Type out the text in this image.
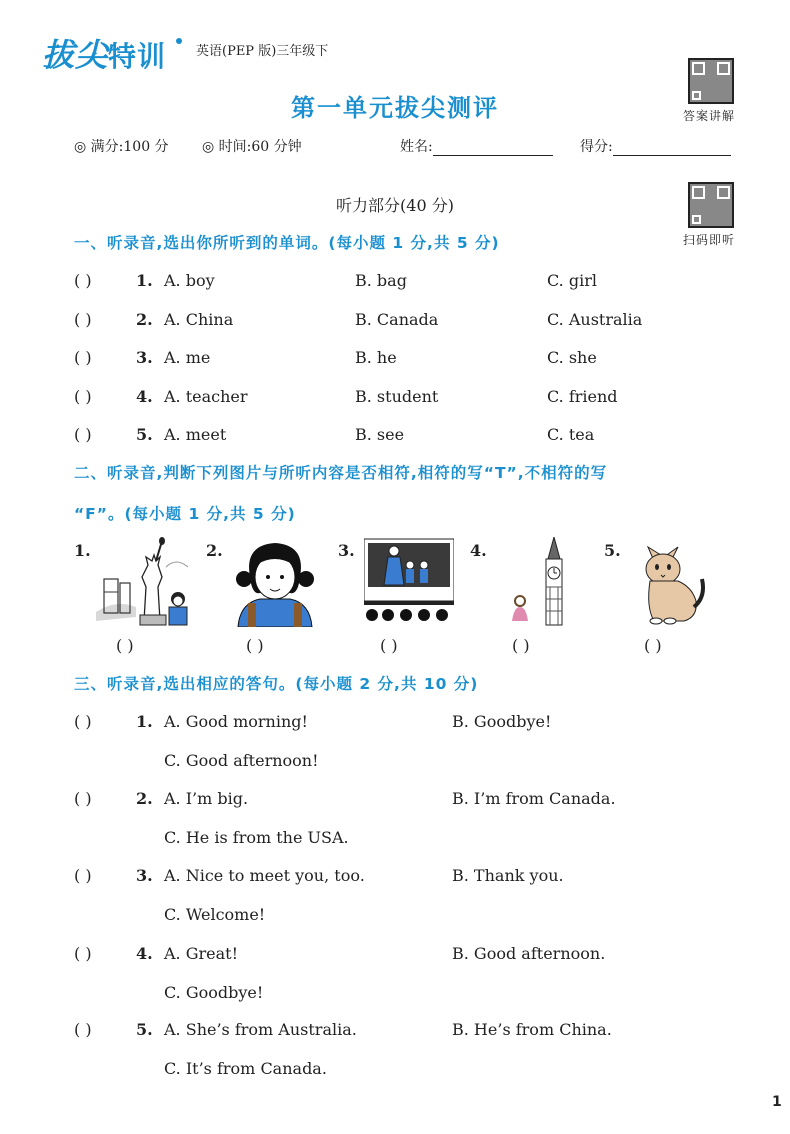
拔尖特训 英语(PEP 版)三年级下
答案讲解
第一单元拔尖测评
◎ 满分:100 分 ◎ 时间:60 分钟	姓名:	得分:
听力部分(40 分)
扫码即听
一、听录音,选出你所听到的单词。(每小题 1 分,共 5 分)
( )	1. A. boy	B. bag	C. girl
( )	2. A. China	B. Canada	C. Australia
( )	3. A. me	B. he	C. she
( )	4. A. teacher	B. student	C. friend
( )	5. A. meet	B. see	C. tea
二、听录音,判断下列图片与所听内容是否相符,相符的写“T”,不相符的写
“F”。(每小题 1 分,共 5 分)
1.
( )
2.
( )
3.
( )
4.
( )
5.
( )
三、听录音,选出相应的答句。(每小题 2 分,共 10 分)
( )	1. A. Good morning!	B. Goodbye!
C. Good afternoon!
( )	2. A. I’m big.	B. I’m from Canada.
C. He is from the USA.
( )	3. A. Nice to meet you, too.	B. Thank you.
C. Welcome!
( )	4. A. Great!	B. Good afternoon.
C. Goodbye!
( )	5. A. She’s from Australia.	B. He’s from China.
C. It’s from Canada.
1
